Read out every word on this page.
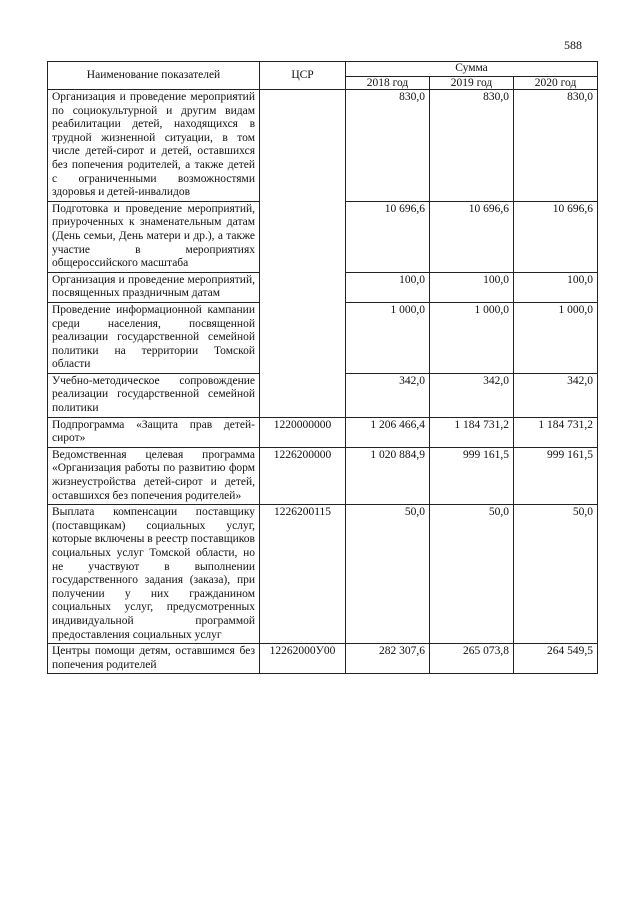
588
Наименование показателей	ЦСР	Сумма		
		2018 год	2019 год	2020 год
Организация и проведение мероприятий по социокультурной и другим видам реабилитации детей, находящихся в трудной жизненной ситуации, в том числе детей-сирот и детей, оставшихся без попечения родителей, а также детей с ограниченными возможностями здоровья и детей-инвалидов		830,0	830,0	830,0
Подготовка и проведение мероприятий, приуроченных к знаменательным датам (День семьи, День матери и др.), а также участие в мероприятиях общероссийского масштаба		10 696,6	10 696,6	10 696,6
Организация и проведение мероприятий, посвященных праздничным датам		100,0	100,0	100,0
Проведение информационной кампании среди населения, посвященной реализации государственной семейной политики на территории Томской области		1 000,0	1 000,0	1 000,0
Учебно-методическое сопровождение реализации государственной семейной политики		342,0	342,0	342,0
Подпрограмма «Защита прав детей-сирот»	1220000000	1 206 466,4	1 184 731,2	1 184 731,2
Ведомственная целевая программа «Организация работы по развитию форм жизнеустройства детей-сирот и детей, оставшихся без попечения родителей»	1226200000	1 020 884,9	999 161,5	999 161,5
Выплата компенсации поставщику (поставщикам) социальных услуг, которые включены в реестр поставщиков социальных услуг Томской области, но не участвуют в выполнении государственного задания (заказа), при получении у них гражданином социальных услуг, предусмотренных индивидуальной программой предоставления социальных услуг	1226200115	50,0	50,0	50,0
Центры помощи детям, оставшимся без попечения родителей	12262000У00	282 307,6	265 073,8	264 549,5
